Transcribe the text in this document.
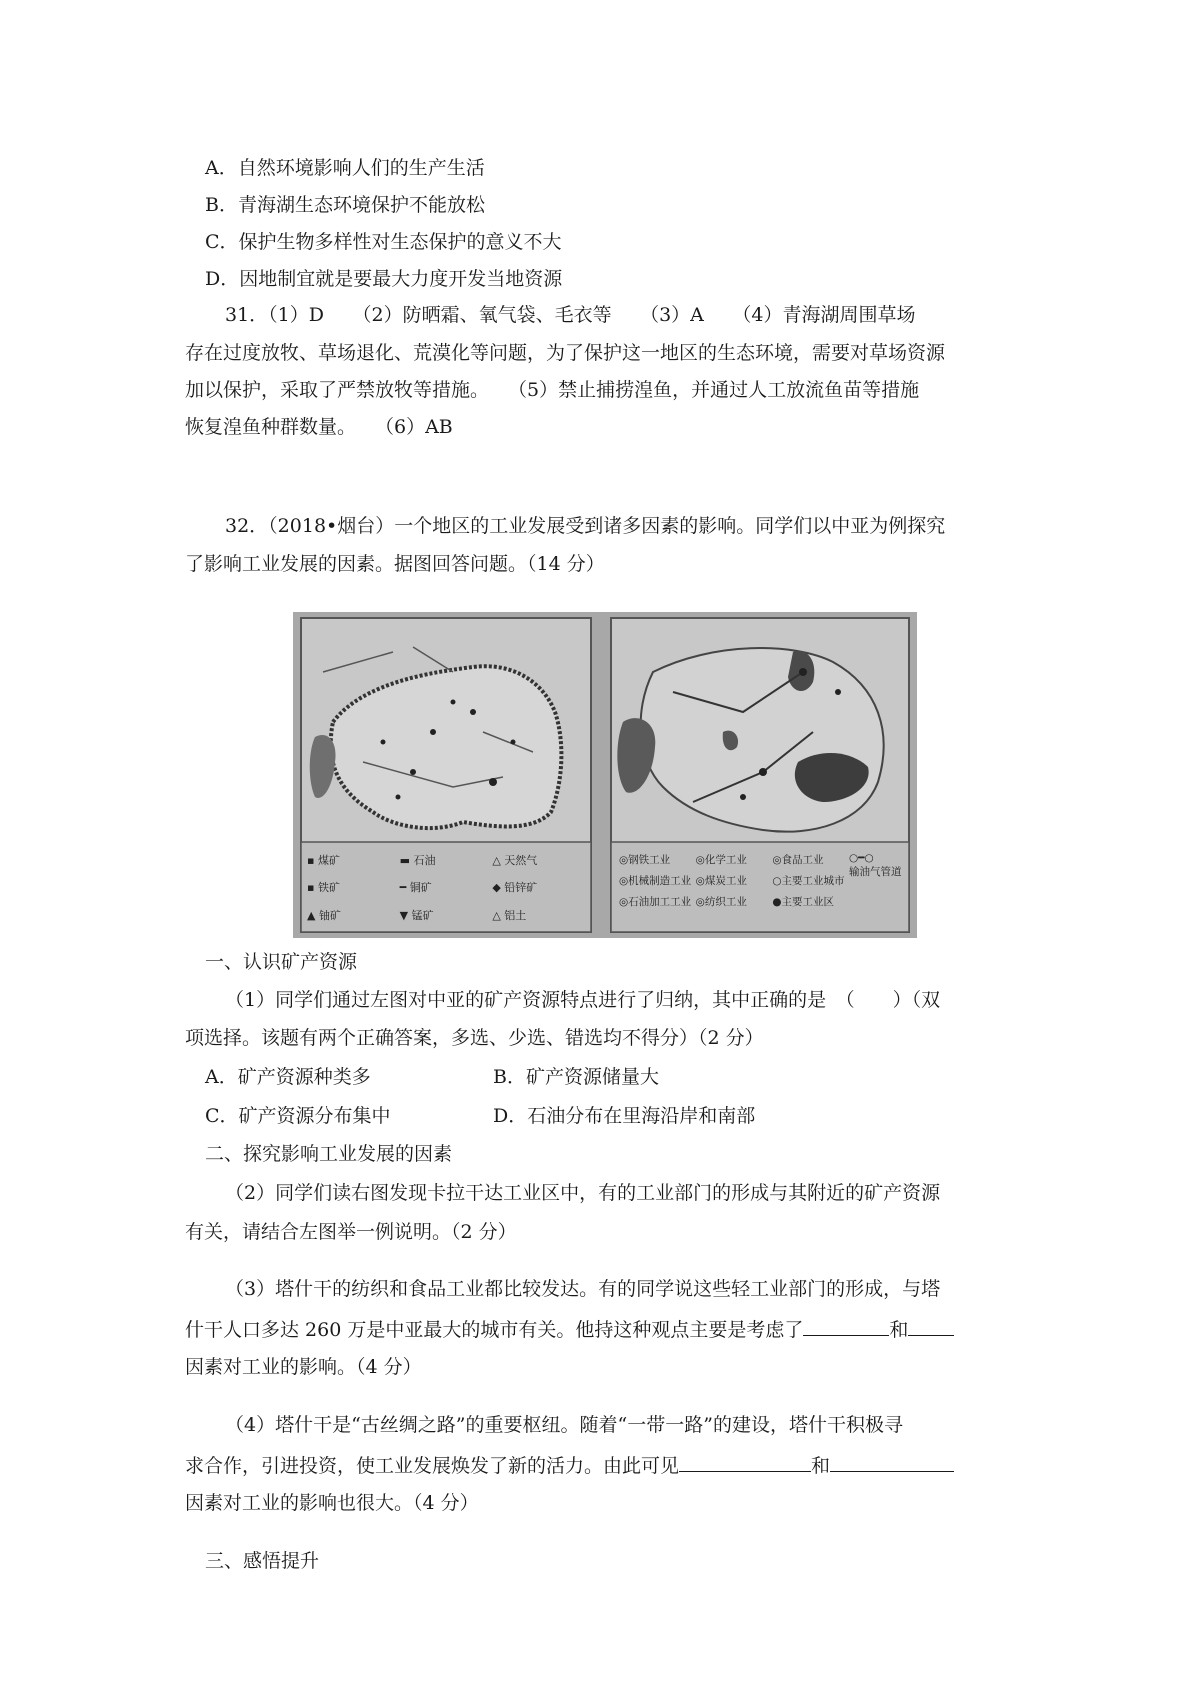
A．自然环境影响人们的生产生活
B．青海湖生态环境保护不能放松
C．保护生物多样性对生态保护的意义不大
D．因地制宜就是要最大力度开发当地资源
31．（1）D　　（2）防晒霜、氧气袋、毛衣等　　（3）A　　（4）青海湖周围草场
存在过度放牧、草场退化、荒漠化等问题，为了保护这一地区的生态环境，需要对草场资源
加以保护，采取了严禁放牧等措施。　　（5）禁止捕捞湟鱼，并通过人工放流鱼苗等措施
恢复湟鱼种群数量。　　（6）AB
32．（2018•烟台）一个地区的工业发展受到诸多因素的影响。同学们以中亚为例探究
了影响工业发展的因素。据图回答问题。（14 分）
▪ 煤矿	▬ 石油	△ 天然气
▪ 铁矿	━ 铜矿	◆ 铅锌矿
▲ 铀矿	▼ 锰矿	△ 铝土
◎钢铁工业	◎化学工业	◎食品工业	○━○
输油气管道
◎机械制造工业 ◎煤炭工业	○主要工业城市
◎石油加工工业 ◎纺织工业	●主要工业区
一、认识矿产资源
（1）同学们通过左图对中亚的矿产资源特点进行了归纳，其中正确的是　（　　）（双
项选择。该题有两个正确答案，多选、少选、错选均不得分）（2 分）
A．矿产资源种类多	B．矿产资源储量大
C．矿产资源分布集中	D．石油分布在里海沿岸和南部
二、探究影响工业发展的因素
（2）同学们读右图发现卡拉干达工业区中，有的工业部门的形成与其附近的矿产资源
有关，请结合左图举一例说明。（2 分）
（3）塔什干的纺织和食品工业都比较发达。有的同学说这些轻工业部门的形成，与塔
什干人口多达 260 万是中亚最大的城市有关。他持这种观点主要是考虑了	和
因素对工业的影响。（4 分）
（4）塔什干是“古丝绸之路”的重要枢纽。随着“一带一路”的建设，塔什干积极寻
求合作，引进投资，使工业发展焕发了新的活力。由此可见	和
因素对工业的影响也很大。（4 分）
三、感悟提升
